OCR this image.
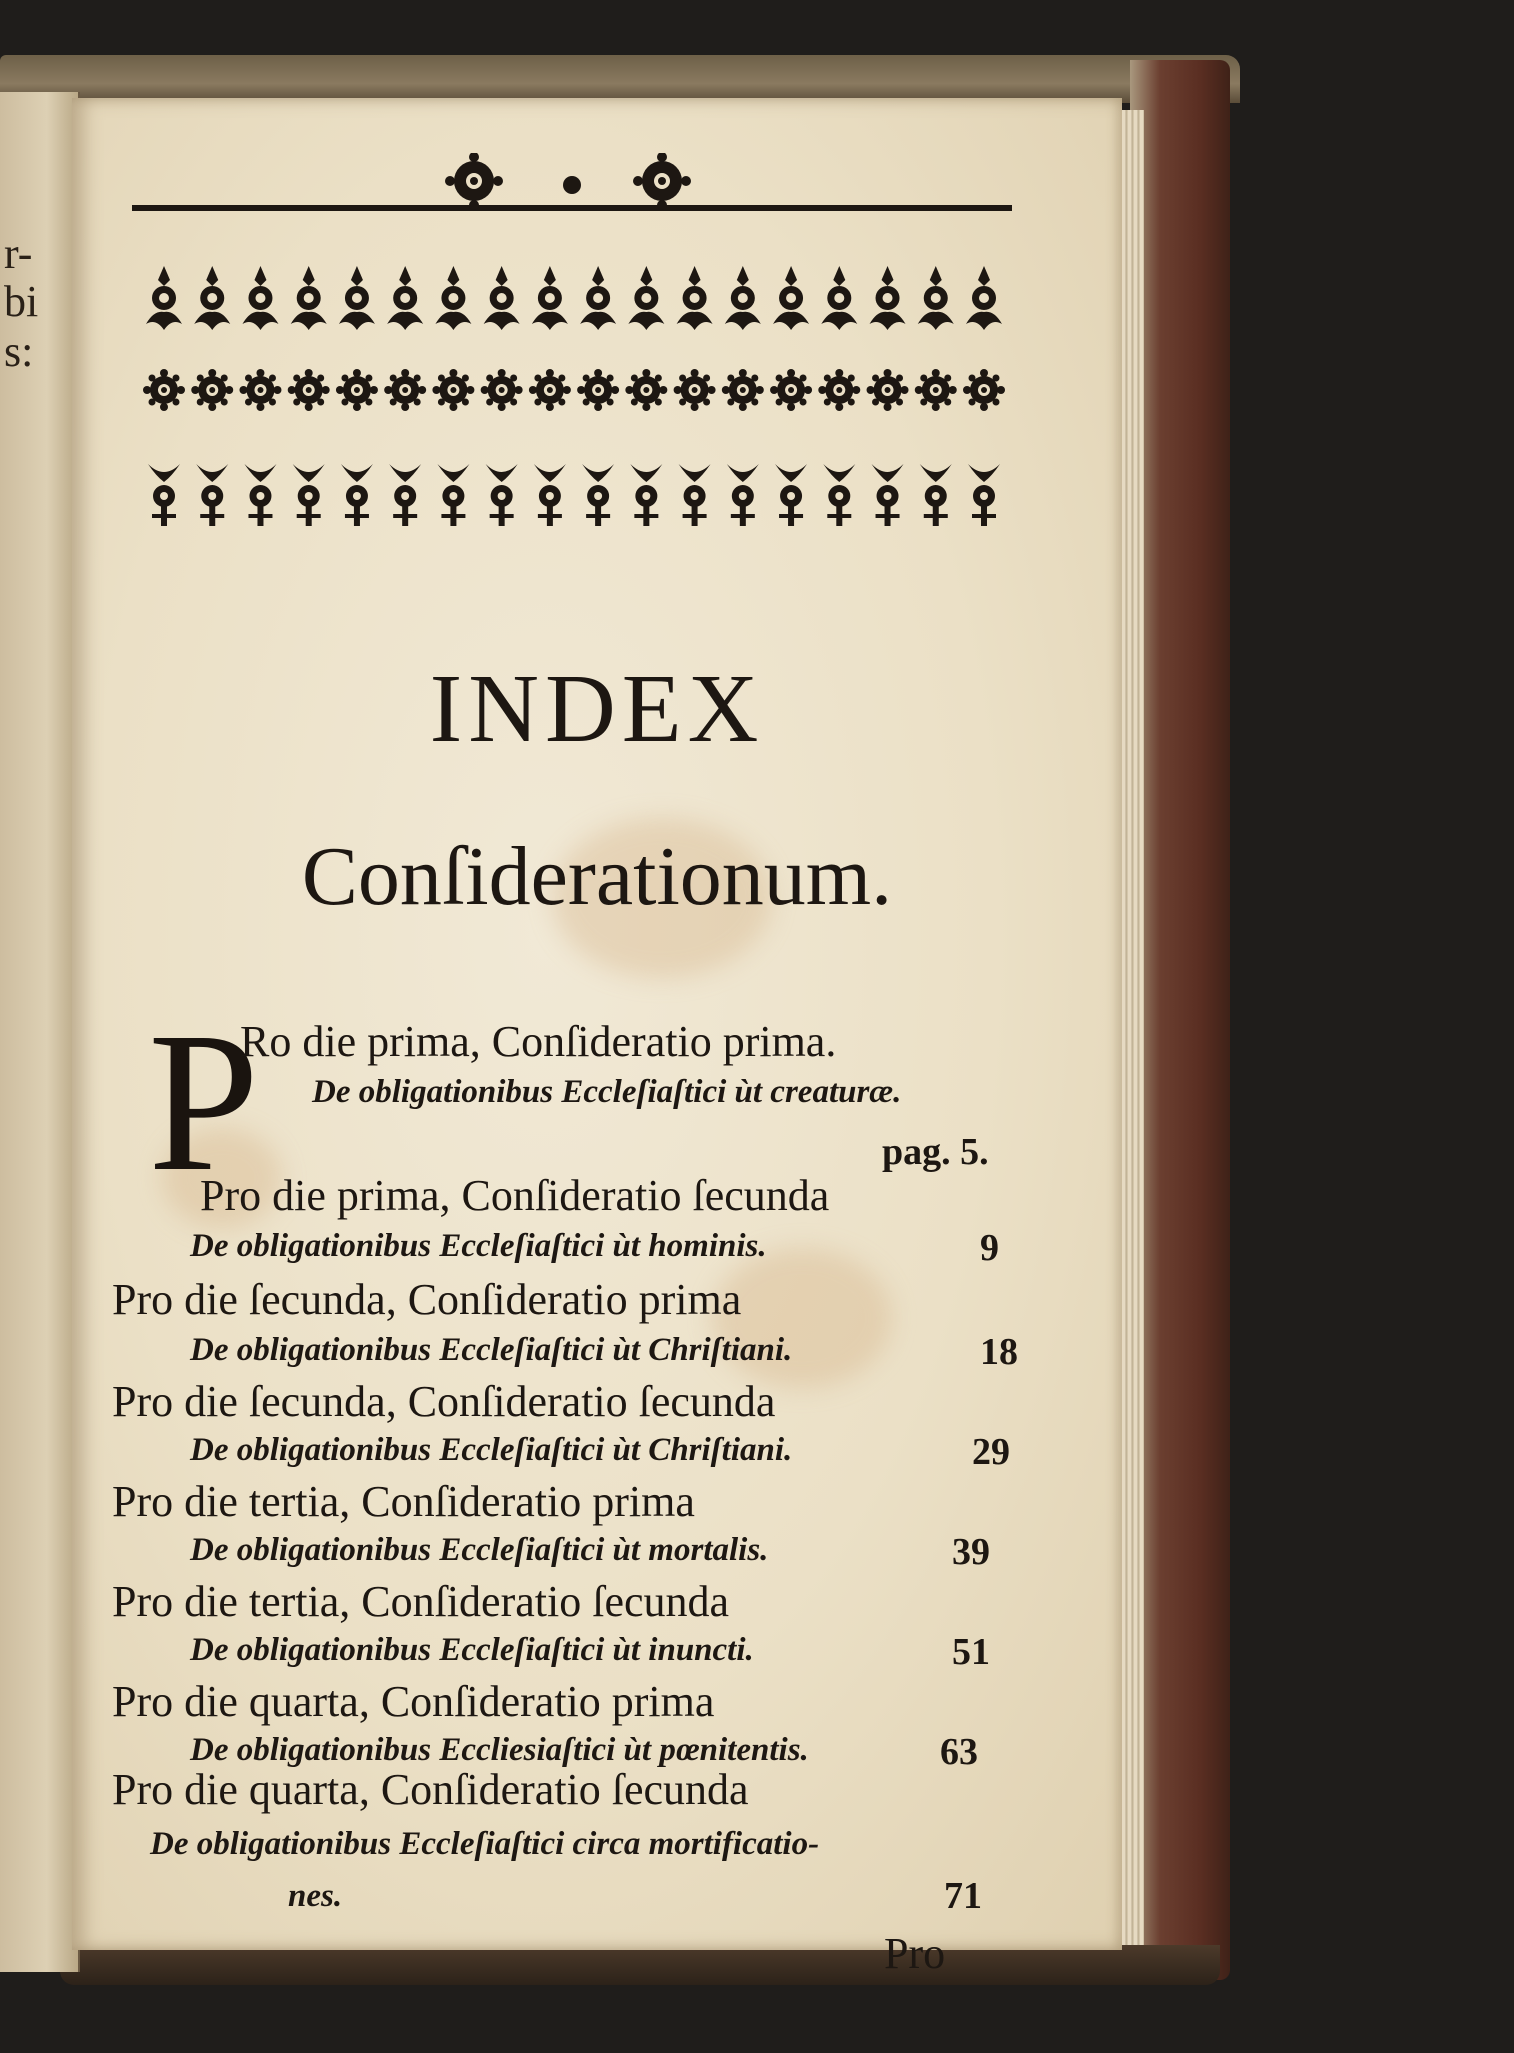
r-
bi
s:
INDEX
Conſiderationum.
P
Ro die prima, Conſideratio prima.
De obligationibus Eccleſiaſtici ùt creaturæ.
pag. 5.
Pro die prima, Conſideratio ſecunda
De obligationibus Eccleſiaſtici ùt hominis.	9
Pro die ſecunda, Conſideratio prima
De obligationibus Eccleſiaſtici ùt Chriſtiani.	18
Pro die ſecunda, Conſideratio ſecunda
De obligationibus Eccleſiaſtici ùt Chriſtiani.	29
Pro die tertia, Conſideratio prima
De obligationibus Eccleſiaſtici ùt mortalis.	39
Pro die tertia, Conſideratio ſecunda
De obligationibus Eccleſiaſtici ùt inuncti.	51
Pro die quarta, Conſideratio prima
De obligationibus Eccliesiaſtici ùt pœnitentis.	63
Pro die quarta, Conſideratio ſecunda
De obligationibus Eccleſiaſtici circa mortificatio-
nes.	71
Pro
